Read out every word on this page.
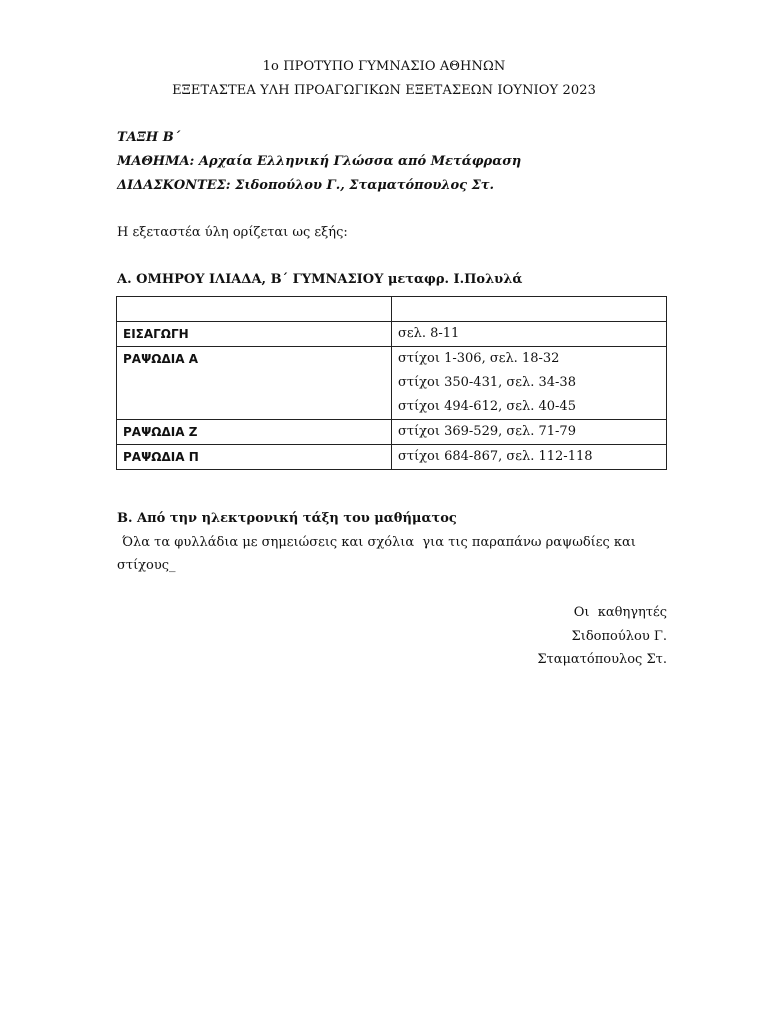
1ο ΠΡΟΤΥΠΟ ΓΥΜΝΑΣΙΟ ΑΘΗΝΩΝ
ΕΞΕΤΑΣΤΕΑ ΥΛΗ ΠΡΟΑΓΩΓΙΚΩΝ ΕΞΕΤΑΣΕΩΝ ΙΟΥΝΙΟΥ 2023
ΤΑΞΗ Β΄
ΜΑΘΗΜΑ: Αρχαία Ελληνική Γλώσσα από Μετάφραση
ΔΙΔΑΣΚΟΝΤΕΣ: Σιδοπούλου Γ., Σταματόπουλος Στ.
Η εξεταστέα ύλη ορίζεται ως εξής:
Α. ΟΜΗΡΟΥ ΙΛΙΑΔΑ, Β΄ ΓΥΜΝΑΣΙΟΥ μεταφρ. Ι.Πολυλά

ΕΙΣΑΓΩΓΗ	σελ. 8-11

ΡΑΨΩΔΙΑ Α	στίχοι 1-306, σελ. 18-32
στίχοι 350-431, σελ. 34-38
στίχοι 494-612, σελ. 40-45

ΡΑΨΩΔΙΑ Ζ	στίχοι 369-529, σελ. 71-79

ΡΑΨΩΔΙΑ Π	στίχοι 684-867, σελ. 112-118
Β. Από την ηλεκτρονική τάξη του μαθήματος
Όλα τα φυλλάδια με σημειώσεις και σχόλια  για τις παραπάνω ραψωδίες και
στίχους_
Οι  καθηγητές
Σιδοπούλου Γ.
Σταματόπουλος Στ.
